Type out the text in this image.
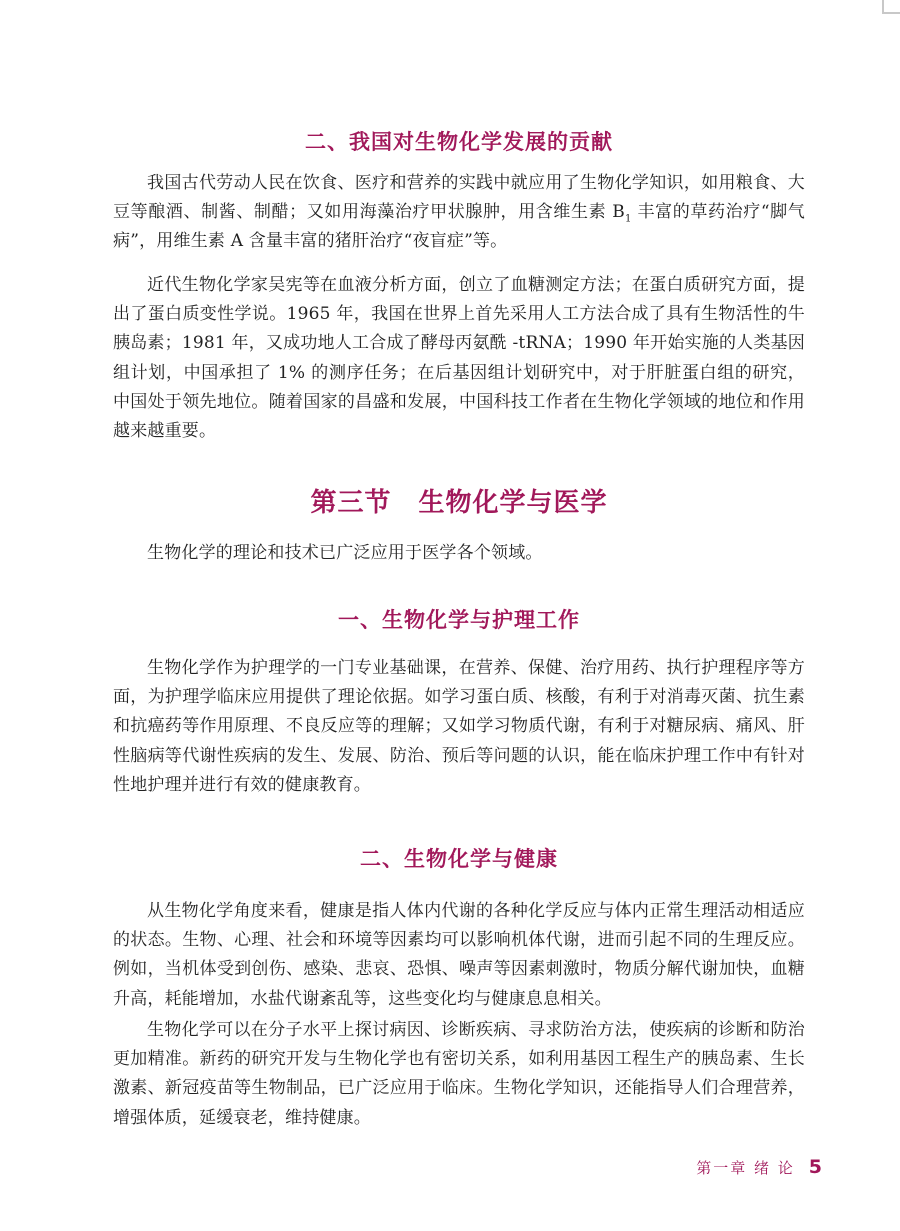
二、我国对生物化学发展的贡献

我国古代劳动人民在饮食、医疗和营养的实践中就应用了生物化学知识，如用粮食、大豆等酿酒、制酱、制醋；又如用海藻治疗甲状腺肿，用含维生素 $B_1$ 丰富的草药治疗“脚气病”，用维生素 A 含量丰富的猪肝治疗“夜盲症”等。

近代生物化学家吴宪等在血液分析方面，创立了血糖测定方法；在蛋白质研究方面，提出了蛋白质变性学说。1965 年，我国在世界上首先采用人工方法合成了具有生物活性的牛胰岛素；1981 年，又成功地人工合成了酵母丙氨酰 -tRNA；1990 年开始实施的人类基因组计划，中国承担了 1% 的测序任务；在后基因组计划研究中，对于肝脏蛋白组的研究，中国处于领先地位。随着国家的昌盛和发展，中国科技工作者在生物化学领域的地位和作用越来越重要。

第三节　生物化学与医学

生物化学的理论和技术已广泛应用于医学各个领域。

一、生物化学与护理工作

生物化学作为护理学的一门专业基础课，在营养、保健、治疗用药、执行护理程序等方面，为护理学临床应用提供了理论依据。如学习蛋白质、核酸，有利于对消毒灭菌、抗生素和抗癌药等作用原理、不良反应等的理解；又如学习物质代谢，有利于对糖尿病、痛风、肝性脑病等代谢性疾病的发生、发展、防治、预后等问题的认识，能在临床护理工作中有针对性地护理并进行有效的健康教育。

二、生物化学与健康

从生物化学角度来看，健康是指人体内代谢的各种化学反应与体内正常生理活动相适应的状态。生物、心理、社会和环境等因素均可以影响机体代谢，进而引起不同的生理反应。例如，当机体受到创伤、感染、悲哀、恐惧、噪声等因素刺激时，物质分解代谢加快，血糖升高，耗能增加，水盐代谢紊乱等，这些变化均与健康息息相关。

生物化学可以在分子水平上探讨病因、诊断疾病、寻求防治方法，使疾病的诊断和防治更加精准。新药的研究开发与生物化学也有密切关系，如利用基因工程生产的胰岛素、生长激素、新冠疫苗等生物制品，已广泛应用于临床。生物化学知识，还能指导人们合理营养，增强体质，延缓衰老，维持健康。

第一章 绪 论 5
